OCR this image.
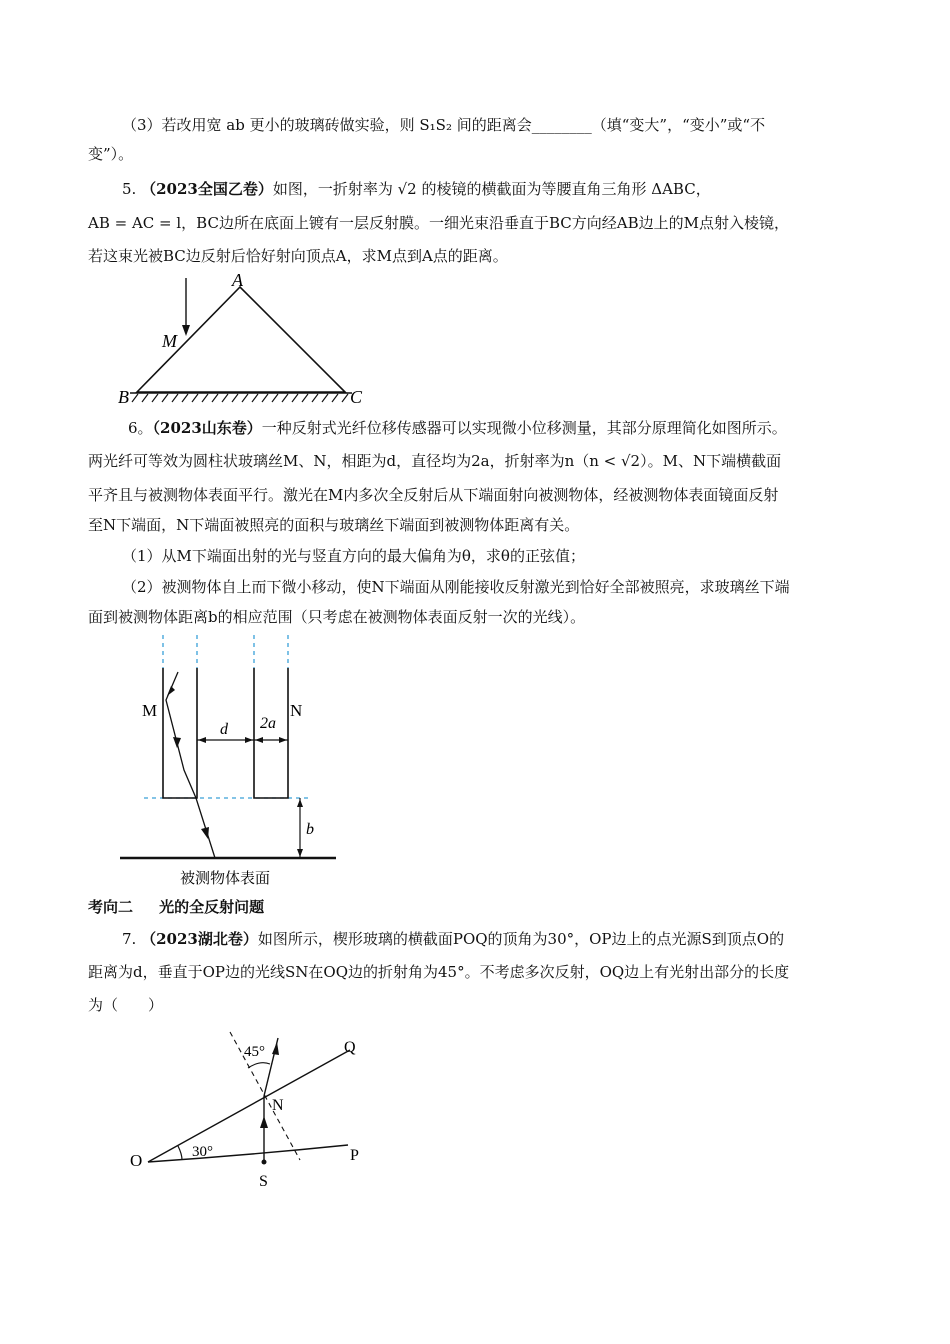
（3）若改用宽 ab 更小的玻璃砖做实验，则 S₁S₂ 间的距离会________（填“变大”，“变小”或“不
变”）。
5. （2023全国乙卷）如图，一折射率为 √2 的棱镜的横截面为等腰直角三角形 ΔABC，
AB = AC = l，BC边所在底面上镀有一层反射膜。一细光束沿垂直于BC方向经AB边上的M点射入棱镜，
若这束光被BC边反射后恰好射向顶点A，求M点到A点的距离。
A
M
B	C
6。（2023山东卷）一种反射式光纤位移传感器可以实现微小位移测量，其部分原理简化如图所示。
两光纤可等效为圆柱状玻璃丝M、N，相距为d，直径均为2a，折射率为n（n < √2）。M、N下端横截面
平齐且与被测物体表面平行。激光在M内多次全反射后从下端面射向被测物体，经被测物体表面镜面反射
至N下端面，N下端面被照亮的面积与玻璃丝下端面到被测物体距离有关。
（1）从M下端面出射的光与竖直方向的最大偏角为θ，求θ的正弦值；
（2）被测物体自上而下微小移动，使N下端面从刚能接收反射激光到恰好全部被照亮，求玻璃丝下端
面到被测物体距离b的相应范围（只考虑在被测物体表面反射一次的光线）。
M	N
d 2a
b
被测物体表面
考向二 光的全反射问题
7. （2023湖北卷）如图所示，楔形玻璃的横截面POQ的顶角为30°，OP边上的点光源S到顶点O的
距离为d，垂直于OP边的光线SN在OQ边的折射角为45°。不考虑多次反射，OQ边上有光射出部分的长度
为（　　）
O	P
Q
N
S
30°
45°
